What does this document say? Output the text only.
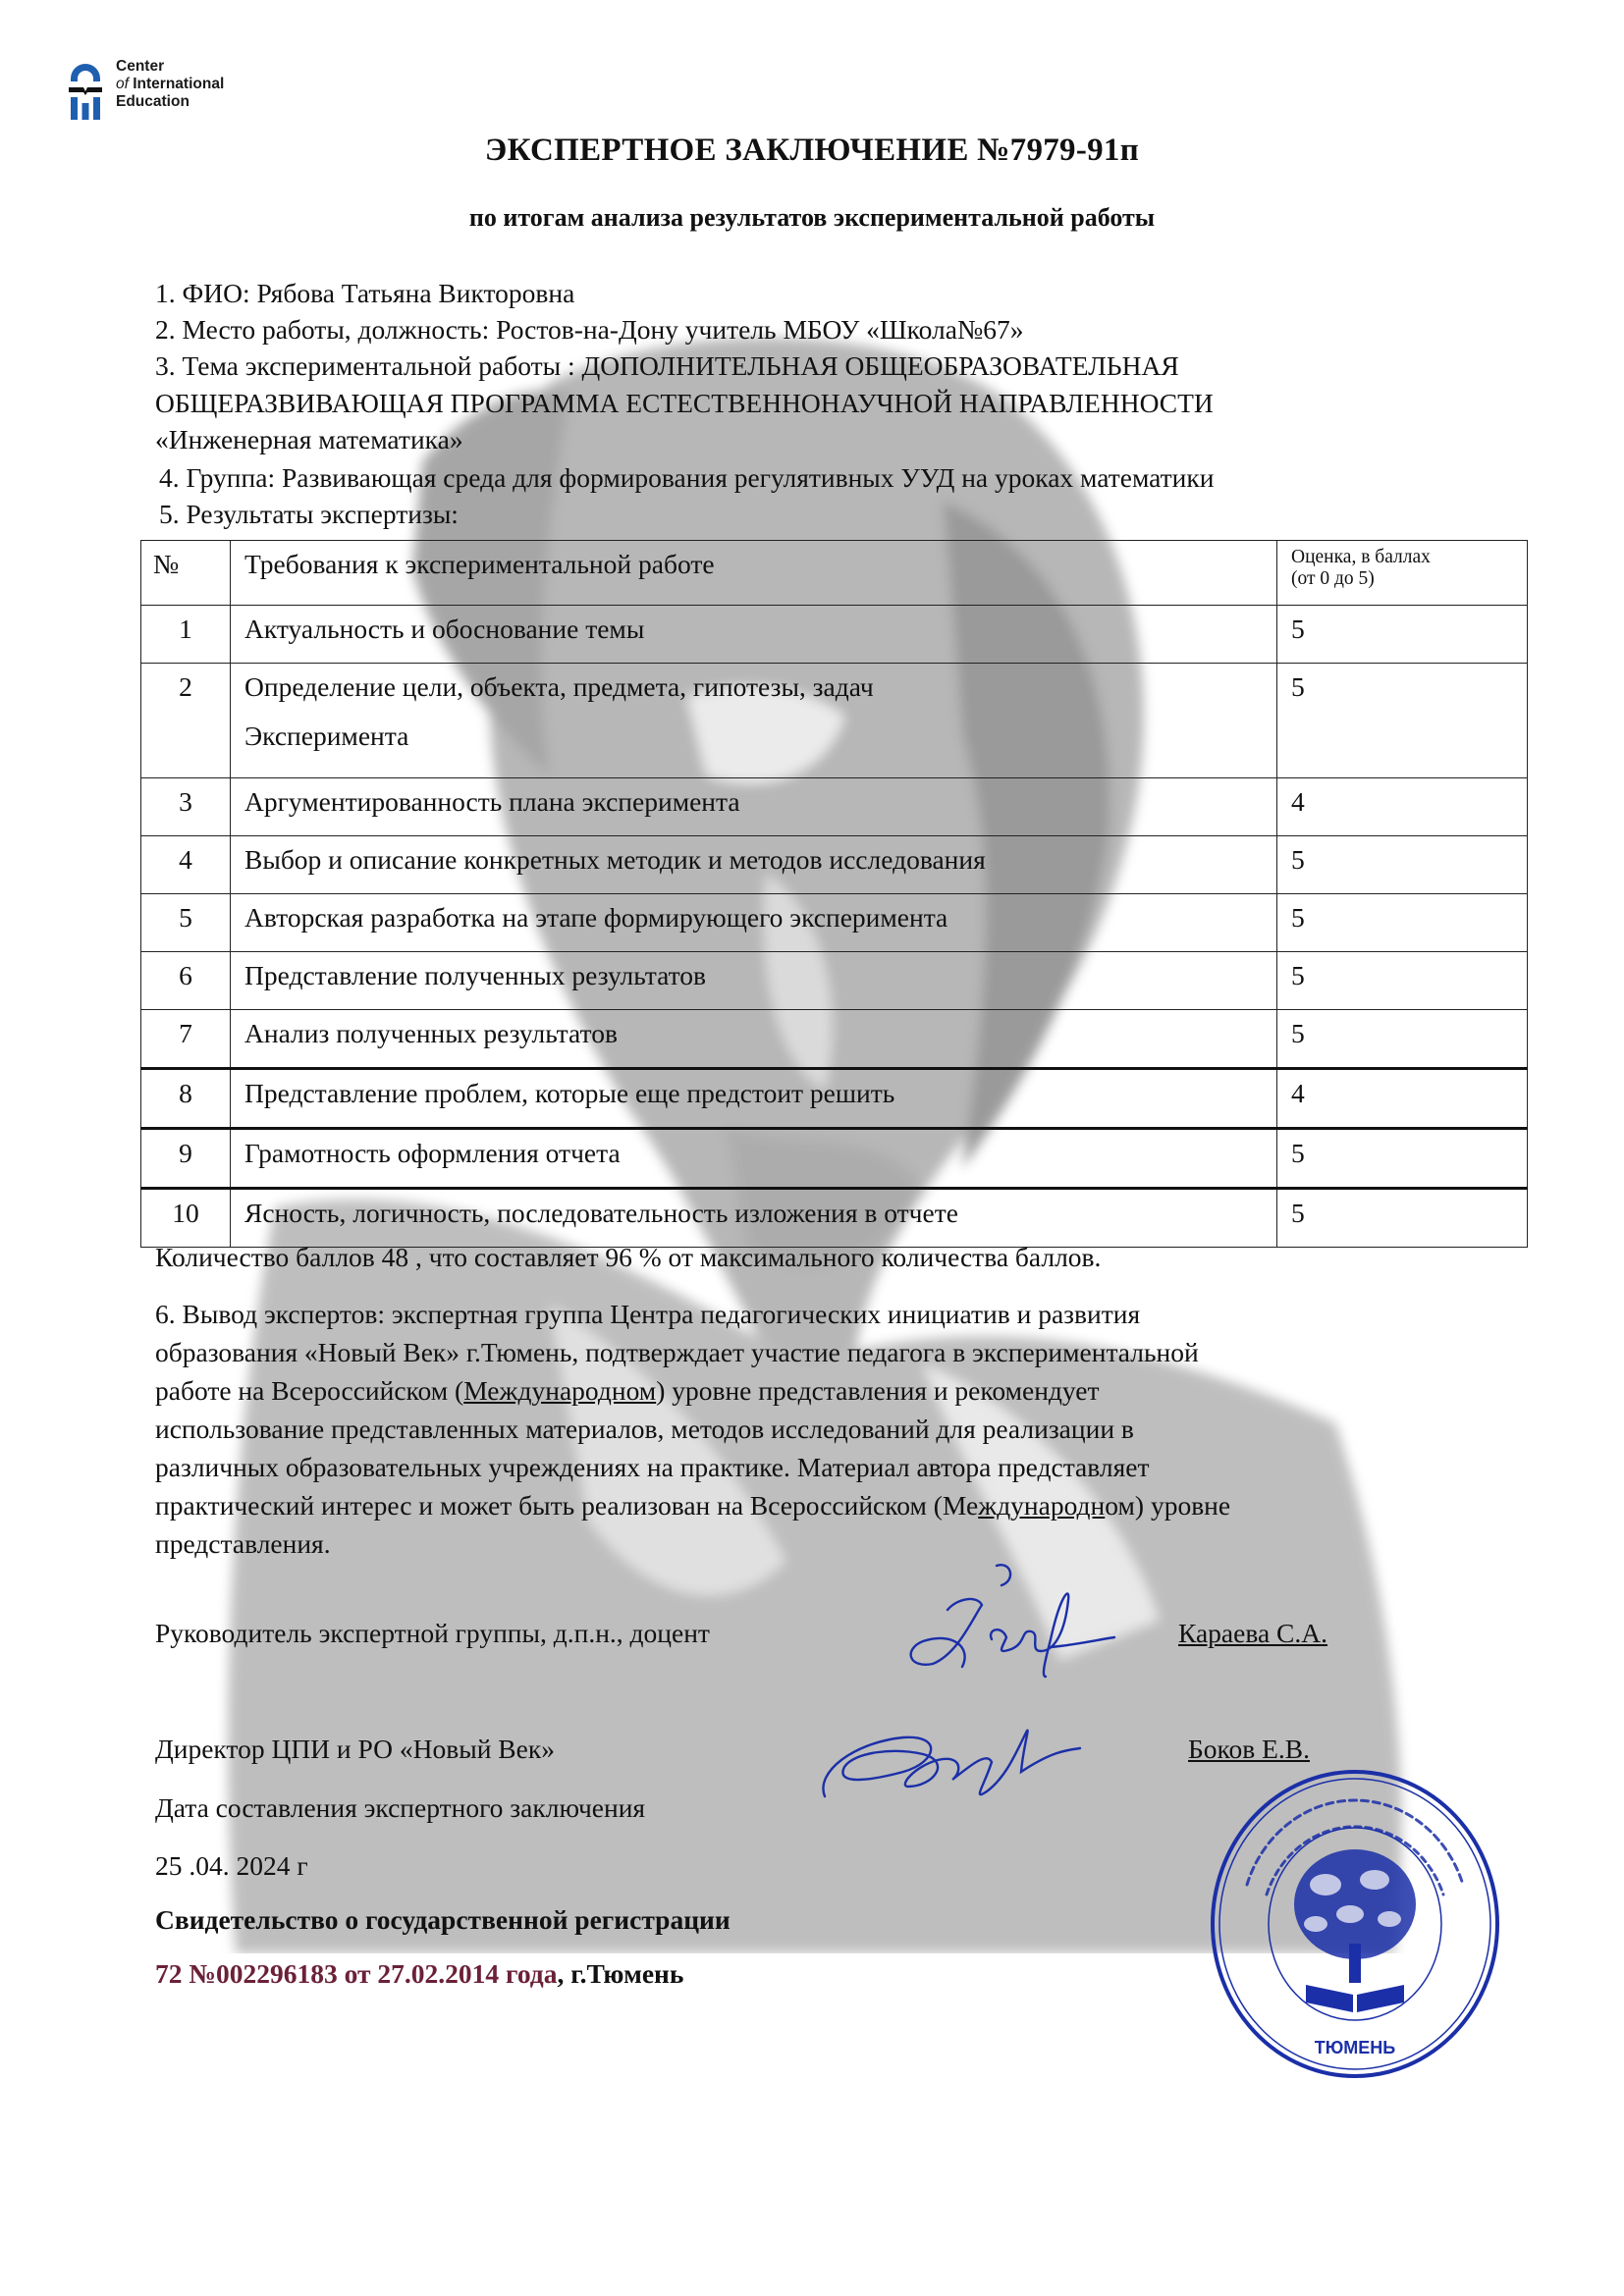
Center
of International
Education
ЭКСПЕРТНОЕ ЗАКЛЮЧЕНИЕ №7979-91п
по итогам анализа результатов экспериментальной работы
1. ФИО: Рябова Татьяна Викторовна
2. Место работы, должность: Ростов-на-Дону учитель МБОУ «Школа№67»
3. Тема экспериментальной работы : ДОПОЛНИТЕЛЬНАЯ ОБЩЕОБРАЗОВАТЕЛЬНАЯ
ОБЩЕРАЗВИВАЮЩАЯ ПРОГРАММА ЕСТЕСТВЕННОНАУЧНОЙ НАПРАВЛЕННОСТИ
«Инженерная математика»
4. Группа: Развивающая среда для формирования регулятивных УУД на уроках математики
5. Результаты экспертизы:
№	Требования к экспериментальной работе	Оценка, в баллах
(от 0 до 5)

1	Актуальность и обоснование темы	5
2	Определение цели, объекта, предмета, гипотезы, задач
Эксперимента	5
3	Аргументированность плана эксперимента	4
4	Выбор и описание конкретных методик и методов исследования	5
5	Авторская разработка на этапе формирующего эксперимента	5
6	Представление полученных результатов	5
7	Анализ полученных результатов	5
8	Представление проблем, которые еще предстоит решить	4
9	Грамотность оформления отчета	5
10	Ясность, логичность, последовательность изложения в отчете	5
Количество баллов 48 , что составляет 96 % от максимального количества баллов.
6. Вывод экспертов: экспертная группа Центра педагогических инициатив и развития
образования «Новый Век» г.Тюмень, подтверждает участие педагога в экспериментальной
работе на Всероссийском (Международном) уровне представления и рекомендует
использование представленных материалов, методов исследований для реализации в
различных образовательных учреждениях на практике. Материал автора представляет
практический интерес и может быть реализован на Всероссийском (Международном) уровне
представления.
Руководитель экспертной группы, д.п.н., доцент	Караева С.А.
Директор ЦПИ и РО «Новый Век»	Боков Е.В.
Дата составления экспертного заключения
25 .04. 2024 г
ТЮМЕНЬ
Свидетельство о государственной регистрации
72 №002296183 от 27.02.2014 года, г.Тюмень
